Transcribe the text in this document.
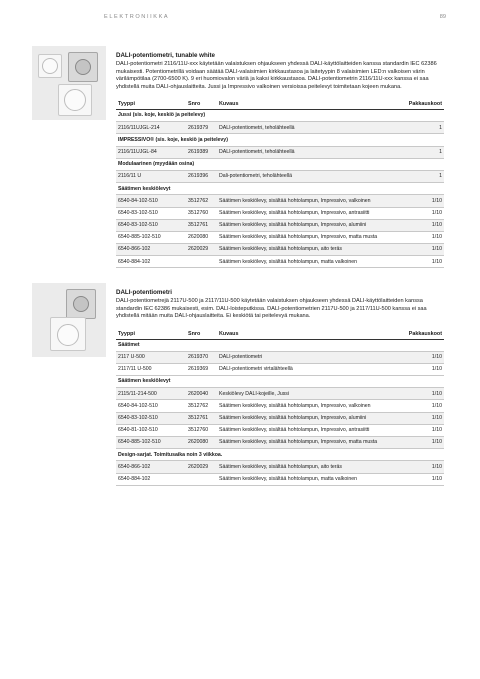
ELEKTRONIIKKA	89
DALI-potentiometri, tunable white
DALI-potentiometri 2116/11U-xxx käytetään valaistuksen ohjaukseen yhdessä DALI-käyttölaitteiden kanssa standardin IEC 62386 mukaisesti. Potentiometrillä voidaan säätää DALI-valaisimien kirkkaustasoa ja laitetyypin 8 valaisimien LED:n valkoisen värin värilämpötilaa (2700-6500 K). 9 eri huomiovalon väriä ja kaksi kirkkaustasoa. DALI-potentiometrin 2116/11U-xxx kanssa ei saa yhdistellä muita DALI-ohjauslaitteita. Jussi ja Impressivo valkoinen versioissa peitelevyt toimitetaan kojeen mukana.
Tyyppi	Snro	Kuvaus	Pakkauskoot
Jussi (sis. koje, keskiö ja peitelevy)			
2116/11UJGL-214	2619379	DALI-potentiometri, teholähteellä	1
IMPRESSIVO® (sis. koje, keskiö ja peitelevy)			
2116/11UJGL-84	2619389	DALI-potentiometri, teholähteellä	1
Modulaarinen (myydään osina)			
2116/11 U	2619396	Dali-potentiometri, teholähteellä	1
Säätimen keskiölevyt			
6540-84-102-510	3512762	Säätimen keskiölevy, sisältää hohtolampun, Impressivo, valkoinen	1/10
6540-83-102-510	3512760	Säätimen keskiölevy, sisältää hohtolampun, Impressivo, antrasiitti	1/10
6540-83-102-510	3512761	Säätimen keskiölevy, sisältää hohtolampun, Impressivo, alumiini	1/10
6540-885-102-510	2620080	Säätimen keskiölevy, sisältää hohtolampun, Impressivo, matta musta	1/10
6540-866-102	2620029	Säätimen keskiölevy, sisältää hohtolampun, aito teräs	1/10
6540-884-102		Säätimen keskiölevy, sisältää hohtolampun, matta valkoinen	1/10
DALI-potentiometri
DALI-potentiometrejä 2117U-500 ja 2117/11U-500 käytetään valaistuksen ohjaukseen yhdessä DALI-käyttölaitteiden kanssa standardin IEC 62386 mukaisesti, esim. DALI-loisteputkissa. DALI-potentiometrien 2117U-500 ja 2117/11U-500 kanssa ei saa yhdistellä mitään muita DALI-ohjauslaitteita. Ei keskiötä tai peitelevyä mukana.
Tyyppi	Snro	Kuvaus	Pakkauskoot
Säätimet			
2117 U-500	2619370	DALI-potentiometri	1/10
2117/11 U-500	2619369	DALI-potentiometri virtalähteellä	1/10
Säätimen keskiölevyt			
2115/11-214-500	2620040	Keskiölevy DALI-kojeille, Jussi	1/10
6540-84-102-510	3512762	Säätimen keskiölevy, sisältää hohtolampun, Impressivo, valkoinen	1/10
6540-83-102-510	3512761	Säätimen keskiölevy, sisältää hohtolampun, Impressivo, alumiini	1/10
6540-81-102-510	3512760	Säätimen keskiölevy, sisältää hohtolampun, Impressivo, antrasiitti	1/10
6540-885-102-510	2620080	Säätimen keskiölevy, sisältää hohtolampun, Impressivo, matta musta	1/10
Design-sarjat. Toimitusaika noin 3 viikkoa.			
6540-866-102	2620029	Säätimen keskiölevy, sisältää hohtolampun, aito teräs	1/10
6540-884-102		Säätimen keskiölevy, sisältää hohtolampun, matta valkoinen	1/10
